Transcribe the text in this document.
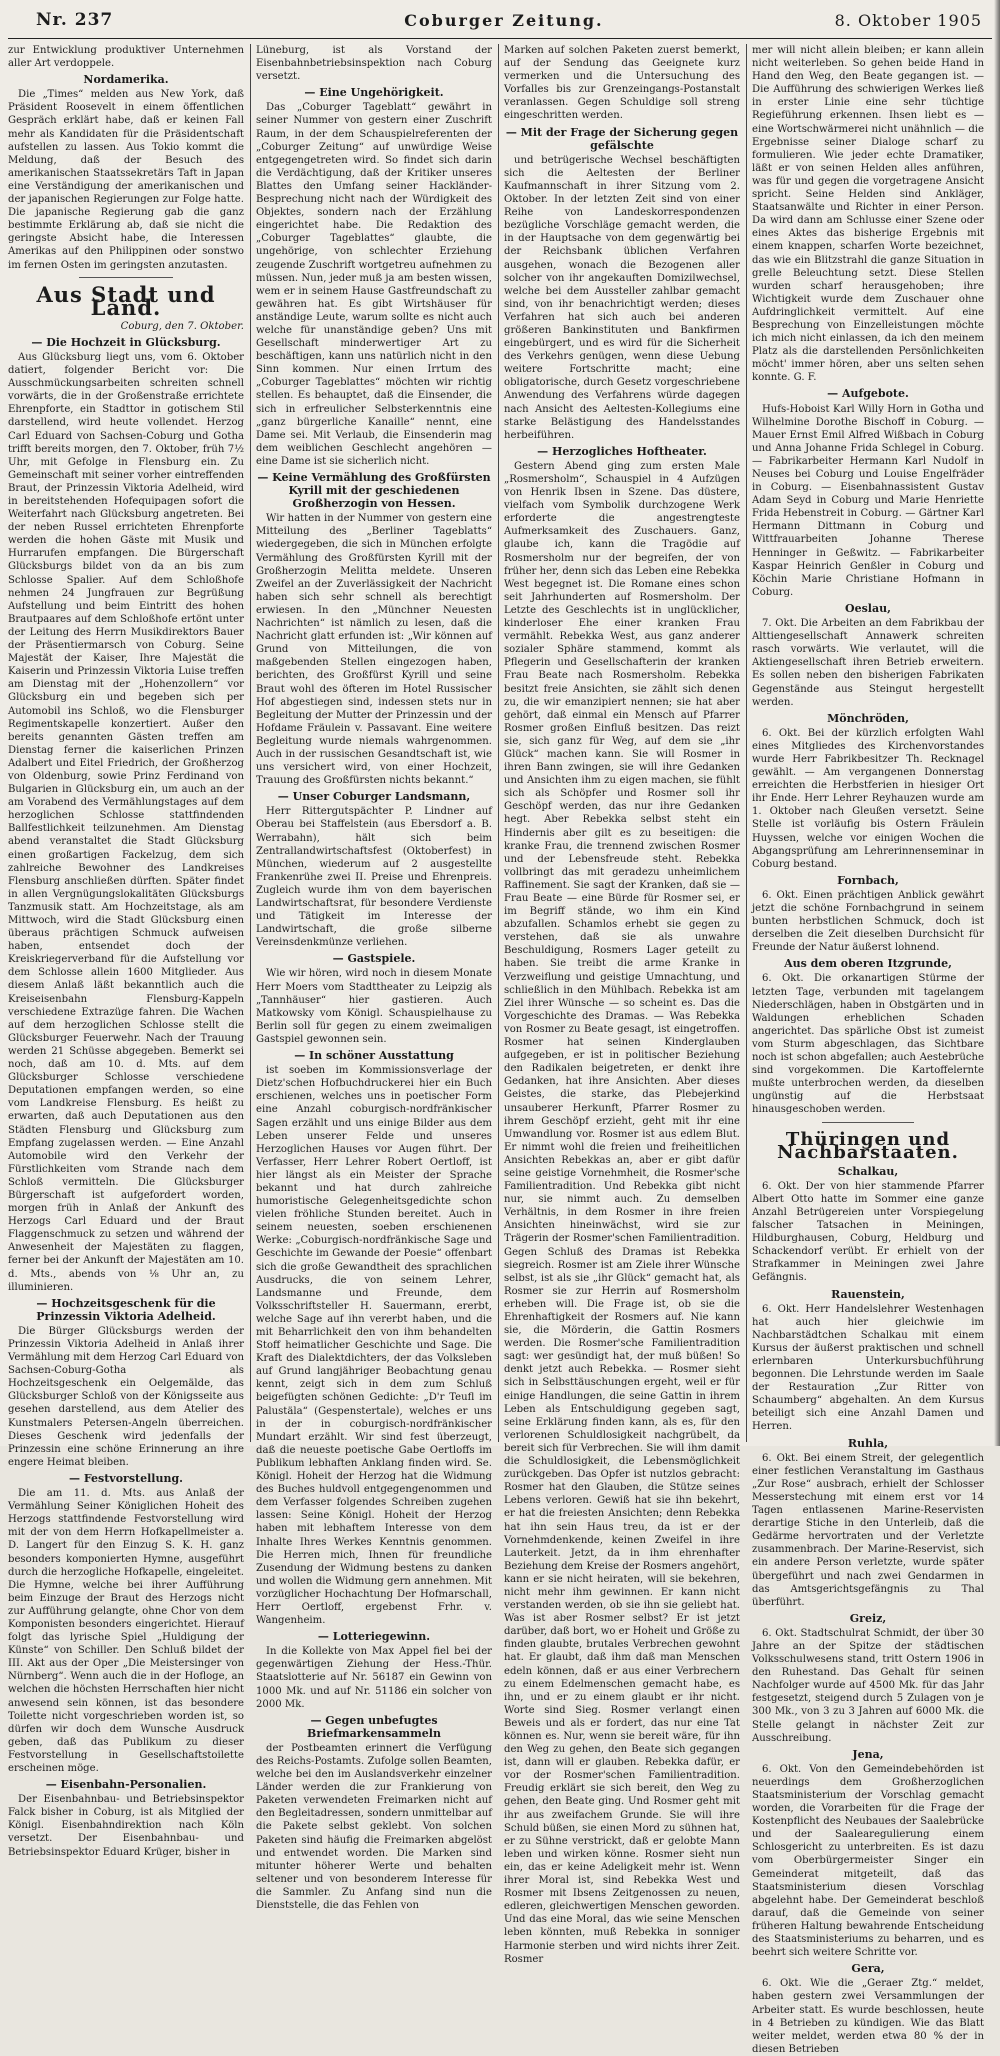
Nr. 237	Coburger Zeitung.	8. Oktober 1905

zur Entwicklung produktiver Unternehmen aller Art verdoppele.

Nordamerika.

Die „Times“ melden aus New York, daß Präsident Roosevelt in einem öffentlichen Gespräch erklärt habe, daß er keinen Fall mehr als Kandidaten für die Präsidentschaft aufstellen zu lassen. Aus Tokio kommt die Meldung, daß der Besuch des amerikanischen Staatssekretärs Taft in Japan eine Verständigung der amerikanischen und der japanischen Regierungen zur Folge hatte. Die japanische Regierung gab die ganz bestimmte Erklärung ab, daß sie nicht die geringste Absicht habe, die Interessen Amerikas auf den Philippinen oder sonstwo im fernen Osten im geringsten anzutasten.

Aus Stadt und Land.

Coburg, den 7. Oktober.

— Die Hochzeit in Glücksburg.

Aus Glücksburg liegt uns, vom 6. Oktober datiert, folgender Bericht vor: Die Ausschmückungsarbeiten schreiten schnell vorwärts, die in der Großenstraße errichtete Ehrenpforte, ein Stadttor in gotischem Stil darstellend, wird heute vollendet. Herzog Carl Eduard von Sachsen-Coburg und Gotha trifft bereits morgen, den 7. Oktober, früh 7½ Uhr, mit Gefolge in Flensburg ein. Zu Gemeinschaft mit seiner vorher eintreffenden Braut, der Prinzessin Viktoria Adelheid, wird in bereitstehenden Hofequipagen sofort die Weiterfahrt nach Glücksburg angetreten. Bei der neben Russel errichteten Ehrenpforte werden die hohen Gäste mit Musik und Hurrarufen empfangen. Die Bürgerschaft Glücksburgs bildet von da an bis zum Schlosse Spalier. Auf dem Schloßhofe nehmen 24 Jungfrauen zur Begrüßung Aufstellung und beim Eintritt des hohen Brautpaares auf dem Schloßhofe ertönt unter der Leitung des Herrn Musikdirektors Bauer der Präsentiermarsch von Coburg. Seine Majestät der Kaiser, Ihre Majestät die Kaiserin und Prinzessin Viktoria Luise treffen am Dienstag mit der „Hohenzollern“ vor Glücksburg ein und begeben sich per Automobil ins Schloß, wo die Flensburger Regimentskapelle konzertiert. Außer den bereits genannten Gästen treffen am Dienstag ferner die kaiserlichen Prinzen Adalbert und Eitel Friedrich, der Großherzog von Oldenburg, sowie Prinz Ferdinand von Bulgarien in Glücksburg ein, um auch an der am Vorabend des Vermählungstages auf dem herzoglichen Schlosse stattfindenden Ballfestlichkeit teilzunehmen. Am Dienstag abend veranstaltet die Stadt Glücksburg einen großartigen Fackelzug, dem sich zahlreiche Bewohner des Landkreises Flensburg anschließen dürften. Später findet in allen Vergnügungslokalitäten Glücksburgs Tanzmusik statt. Am Hochzeitstage, als am Mittwoch, wird die Stadt Glücksburg einen überaus prächtigen Schmuck aufweisen haben, entsendet doch der Kreiskriegerverband für die Aufstellung vor dem Schlosse allein 1600 Mitglieder. Aus diesem Anlaß läßt bekanntlich auch die Kreiseisenbahn Flensburg-Kappeln verschiedene Extrazüge fahren. Die Wachen auf dem herzoglichen Schlosse stellt die Glücksburger Feuerwehr. Nach der Trauung werden 21 Schüsse abgegeben. Bemerkt sei noch, daß am 10. d. Mts. auf dem Glücksburger Schlosse verschiedene Deputationen empfangen werden, so eine vom Landkreise Flensburg. Es heißt zu erwarten, daß auch Deputationen aus den Städten Flensburg und Glücksburg zum Empfang zugelassen werden. — Eine Anzahl Automobile wird den Verkehr der Fürstlichkeiten vom Strande nach dem Schloß vermitteln. Die Glücksburger Bürgerschaft ist aufgefordert worden, morgen früh in Anlaß der Ankunft des Herzogs Carl Eduard und der Braut Flaggenschmuck zu setzen und während der Anwesenheit der Majestäten zu flaggen, ferner bei der Ankunft der Majestäten am 10. d. Mts., abends von ⅛ Uhr an, zu illuminieren.

— Hochzeitsgeschenk für die Prinzessin Viktoria Adelheid.

Die Bürger Glücksburgs werden der Prinzessin Viktoria Adelheid in Anlaß ihrer Vermählung mit dem Herzog Carl Eduard von Sachsen-Coburg-Gotha als Hochzeitsgeschenk ein Oelgemälde, das Glücksburger Schloß von der Königsseite aus gesehen darstellend, aus dem Atelier des Kunstmalers Petersen-Angeln überreichen. Dieses Geschenk wird jedenfalls der Prinzessin eine schöne Erinnerung an ihre engere Heimat bleiben.

— Festvorstellung.

Die am 11. d. Mts. aus Anlaß der Vermählung Seiner Königlichen Hoheit des Herzogs stattfindende Festvorstellung wird mit der von dem Herrn Hofkapellmeister a. D. Langert für den Einzug S. K. H. ganz besonders komponierten Hymne, ausgeführt durch die herzogliche Hofkapelle, eingeleitet. Die Hymne, welche bei ihrer Aufführung beim Einzuge der Braut des Herzogs nicht zur Aufführung gelangte, ohne Chor von dem Komponisten besonders eingerichtet. Hierauf folgt das lyrische Spiel „Huldigung der Künste“ von Schiller. Den Schluß bildet der III. Akt aus der Oper „Die Meistersinger von Nürnberg“. Wenn auch die in der Hofloge, an welchen die höchsten Herrschaften hier nicht anwesend sein können, ist das besondere Toilette nicht vorgeschrieben worden ist, so dürfen wir doch dem Wunsche Ausdruck geben, daß das Publikum zu dieser Festvorstellung in Gesellschaftstoilette erscheinen möge.

— Eisenbahn-Personalien.

Der Eisenbahnbau- und Betriebsinspektor Falck bisher in Coburg, ist als Mitglied der Königl. Eisenbahndirektion nach Köln versetzt. Der Eisenbahnbau- und Betriebsinspektor Eduard Krüger, bisher in

Lüneburg, ist als Vorstand der Eisenbahnbetriebsinspektion nach Coburg versetzt.

— Eine Ungehörigkeit.

Das „Coburger Tageblatt“ gewährt in seiner Nummer von gestern einer Zuschrift Raum, in der dem Schauspielreferenten der „Coburger Zeitung“ auf unwürdige Weise entgegengetreten wird. So findet sich darin die Verdächtigung, daß der Kritiker unseres Blattes den Umfang seiner Hackländer-Besprechung nicht nach der Würdigkeit des Objektes, sondern nach der Erzählung eingerichtet habe. Die Redaktion des „Coburger Tageblattes“ glaubte, die ungehörige, von schlechter Erziehung zeugende Zuschrift wortgetreu aufnehmen zu müssen. Nun, jeder muß ja am besten wissen, wem er in seinem Hause Gastfreundschaft zu gewähren hat. Es gibt Wirtshäuser für anständige Leute, warum sollte es nicht auch welche für unanständige geben? Uns mit Gesellschaft minderwertiger Art zu beschäftigen, kann uns natürlich nicht in den Sinn kommen. Nur einen Irrtum des „Coburger Tageblattes“ möchten wir richtig stellen. Es behauptet, daß die Einsender, die sich in erfreulicher Selbsterkenntnis eine „ganz bürgerliche Kanaille“ nennt, eine Dame sei. Mit Verlaub, die Einsenderin mag dem weiblichen Geschlecht angehören — eine Dame ist sie sicherlich nicht.

— Keine Vermählung des Großfürsten Kyrill mit der geschiedenen Großherzogin von Hessen.

Wir hatten in der Nummer von gestern eine Mitteilung des „Berliner Tageblatts“ wiedergegeben, die sich in München erfolgte Vermählung des Großfürsten Kyrill mit der Großherzogin Melitta meldete. Unseren Zweifel an der Zuverlässigkeit der Nachricht haben sich sehr schnell als berechtigt erwiesen. In den „Münchner Neuesten Nachrichten“ ist nämlich zu lesen, daß die Nachricht glatt erfunden ist: „Wir können auf Grund von Mitteilungen, die von maßgebenden Stellen eingezogen haben, berichten, des Großfürst Kyrill und seine Braut wohl des öfteren im Hotel Russischer Hof abgestiegen sind, indessen stets nur in Begleitung der Mutter der Prinzessin und der Hofdame Fräulein v. Passavant. Eine weitere Begleitung wurde niemals wahrgenommen. Auch in der russischen Gesandtschaft ist, wie uns versichert wird, von einer Hochzeit, Trauung des Großfürsten nichts bekannt.“

— Unser Coburger Landsmann,

Herr Rittergutspächter P. Lindner auf Oberau bei Staffelstein (aus Ebersdorf a. B. Werrabahn), hält sich beim Zentrallandwirtschaftsfest (Oktoberfest) in München, wiederum auf 2 ausgestellte Frankenrühe zwei II. Preise und Ehrenpreis. Zugleich wurde ihm von dem bayerischen Landwirtschaftsrat, für besondere Verdienste und Tätigkeit im Interesse der Landwirtschaft, die große silberne Vereinsdenkmünze verliehen.

— Gastspiele.

Wie wir hören, wird noch in diesem Monate Herr Moers vom Stadttheater zu Leipzig als „Tannhäuser“ hier gastieren. Auch Matkowsky vom Königl. Schauspielhause zu Berlin soll für gegen zu einem zweimaligen Gastspiel gewonnen sein.

— In schöner Ausstattung

ist soeben im Kommissionsverlage der Dietz'schen Hofbuchdruckerei hier ein Buch erschienen, welches uns in poetischer Form eine Anzahl coburgisch-nordfränkischer Sagen erzählt und uns einige Bilder aus dem Leben unserer Felde und unseres Herzoglichen Hauses vor Augen führt. Der Verfasser, Herr Lehrer Robert Oertloff, ist hier längst als ein Meister der Sprache bekannt und hat durch zahlreiche humoristische Gelegenheitsgedichte schon vielen fröhliche Stunden bereitet. Auch in seinem neuesten, soeben erschienenen Werke: „Coburgisch-nordfränkische Sage und Geschichte im Gewande der Poesie“ offenbart sich die große Gewandtheit des sprachlichen Ausdrucks, die von seinem Lehrer, Landsmanne und Freunde, dem Volksschriftsteller H. Sauermann, ererbt, welche Sage auf ihn vererbt haben, und die mit Beharrlichkeit den von ihm behandelten Stoff heimatlicher Geschichte und Sage. Die Kraft des Dialektdichters, der das Volksleben auf Grund langjähriger Beobachtung genau kennt, zeigt sich in dem zum Schluß beigefügten schönen Gedichte: „D'r Teufl im Palustäla“ (Gespenstertale), welches er uns in der in coburgisch-nordfränkischer Mundart erzählt. Wir sind fest überzeugt, daß die neueste poetische Gabe Oertloffs im Publikum lebhaften Anklang finden wird. Se. Königl. Hoheit der Herzog hat die Widmung des Buches huldvoll entgegengenommen und dem Verfasser folgendes Schreiben zugehen lassen: Seine Königl. Hoheit der Herzog haben mit lebhaftem Interesse von dem Inhalte Ihres Werkes Kenntnis genommen. Die Herren mich, Ihnen für freundliche Zusendung der Widmung bestens zu danken und wollen die Widmung gern annehmen. Mit vorzüglicher Hochachtung Der Hofmarschall, Herr Oertloff, ergebenst Frhr. v. Wangenheim.

— Lotteriegewinn.

In die Kollekte von Max Appel fiel bei der gegenwärtigen Ziehung der Hess.-Thür. Staatslotterie auf Nr. 56187 ein Gewinn von 1000 Mk. und auf Nr. 51186 ein solcher von 2000 Mk.

— Gegen unbefugtes Briefmarkensammeln

der Postbeamten erinnert die Verfügung des Reichs-Postamts. Zufolge sollen Beamten, welche bei den im Auslandsverkehr einzelner Länder werden die zur Frankierung von Paketen verwendeten Freimarken nicht auf den Begleitadressen, sondern unmittelbar auf die Pakete selbst geklebt. Von solchen Paketen sind häufig die Freimarken abgelöst und entwendet worden. Die Marken sind mitunter höherer Werte und behalten seltener und von besonderem Interesse für die Sammler. Zu Anfang sind nun die Dienststelle, die das Fehlen von

Marken auf solchen Paketen zuerst bemerkt, auf der Sendung das Geeignete kurz vermerken und die Untersuchung des Vorfalles bis zur Grenzeingangs-Postanstalt veranlassen. Gegen Schuldige soll streng eingeschritten werden.

— Mit der Frage der Sicherung gegen gefälschte

und betrügerische Wechsel beschäftigten sich die Aeltesten der Berliner Kaufmannschaft in ihrer Sitzung vom 2. Oktober. In der letzten Zeit sind von einer Reihe von Landeskorrespondenzen bezügliche Vorschläge gemacht werden, die in der Hauptsache von dem gegenwärtig bei der Reichsbank üblichen Verfahren ausgehen, wonach die Bezogenen aller solcher von ihr angekauften Domizilwechsel, welche bei dem Aussteller zahlbar gemacht sind, von ihr benachrichtigt werden; dieses Verfahren hat sich auch bei anderen größeren Bankinstituten und Bankfirmen eingebürgert, und es wird für die Sicherheit des Verkehrs genügen, wenn diese Uebung weitere Fortschritte macht; eine obligatorische, durch Gesetz vorgeschriebene Anwendung des Verfahrens würde dagegen nach Ansicht des Aeltesten-Kollegiums eine starke Belästigung des Handelsstandes herbeiführen.

— Herzogliches Hoftheater.

Gestern Abend ging zum ersten Male „Rosmersholm“, Schauspiel in 4 Aufzügen von Henrik Ibsen in Szene. Das düstere, vielfach vom Symbolik durchzogene Werk erforderte die angestrengteste Aufmerksamkeit des Zuschauers. Ganz, glaube ich, kann die Tragödie auf Rosmersholm nur der begreifen, der von früher her, denn sich das Leben eine Rebekka West begegnet ist. Die Romane eines schon seit Jahrhunderten auf Rosmersholm. Der Letzte des Geschlechts ist in unglücklicher, kinderloser Ehe einer kranken Frau vermählt. Rebekka West, aus ganz anderer sozialer Sphäre stammend, kommt als Pflegerin und Gesellschafterin der kranken Frau Beate nach Rosmersholm. Rebekka besitzt freie Ansichten, sie zählt sich denen zu, die wir emanzipiert nennen; sie hat aber gehört, daß einmal ein Mensch auf Pfarrer Rosmer großen Einfluß besitzen. Das reizt sie, sich ganz für Weg, auf dem sie „ihr Glück“ machen kann. Sie will Rosmer in ihren Bann zwingen, sie will ihre Gedanken und Ansichten ihm zu eigen machen, sie fühlt sich als Schöpfer und Rosmer soll ihr Geschöpf werden, das nur ihre Gedanken hegt. Aber Rebekka selbst steht ein Hindernis aber gilt es zu beseitigen: die kranke Frau, die trennend zwischen Rosmer und der Lebensfreude steht. Rebekka vollbringt das mit geradezu unheimlichem Raffinement. Sie sagt der Kranken, daß sie — Frau Beate — eine Bürde für Rosmer sei, er im Begriff stände, wo ihm ein Kind abzufallen. Schamlos erhebt sie gegen zu verstehen, daß sie als unwahre Beschuldigung, Rosmers Lager geteilt zu haben. Sie treibt die arme Kranke in Verzweiflung und geistige Umnachtung, und schließlich in den Mühlbach. Rebekka ist am Ziel ihrer Wünsche — so scheint es. Das die Vorgeschichte des Dramas. — Was Rebekka von Rosmer zu Beate gesagt, ist eingetroffen. Rosmer hat seinen Kinderglauben aufgegeben, er ist in politischer Beziehung den Radikalen beigetreten, er denkt ihre Gedanken, hat ihre Ansichten. Aber dieses Geistes, die starke, das Plebejerkind unsauberer Herkunft, Pfarrer Rosmer zu ihrem Geschöpf erzieht, geht mit ihr eine Umwandlung vor. Rosmer ist aus edlem Blut. Er nimmt wohl die freien und freiheitlichen Ansichten Rebekkas an, aber er gibt dafür seine geistige Vornehmheit, die Rosmer'sche Familientradition. Und Rebekka gibt nicht nur, sie nimmt auch. Zu demselben Verhältnis, in dem Rosmer in ihre freien Ansichten hineinwächst, wird sie zur Trägerin der Rosmer'schen Familientradition. Gegen Schluß des Dramas ist Rebekka siegreich. Rosmer ist am Ziele ihrer Wünsche selbst, ist als sie „ihr Glück“ gemacht hat, als Rosmer sie zur Herrin auf Rosmersholm erheben will. Die Frage ist, ob sie die Ehrenhaftigkeit der Rosmers auf. Nie kann sie, die Mörderin, die Gattin Rosmers werden. Die Rosmer'sche Familientradition sagt: wer gesündigt hat, der muß büßen! So denkt jetzt auch Rebekka. — Rosmer sieht sich in Selbsttäuschungen ergeht, weil er für einige Handlungen, die seine Gattin in ihrem Leben als Entschuldigung gegeben sagt, seine Erklärung finden kann, als es, für den verlorenen Schuldlosigkeit nachgrübelt, da bereit sich für Verbrechen. Sie will ihm damit die Schuldlosigkeit, die Lebensmöglichkeit zurückgeben. Das Opfer ist nutzlos gebracht: Rosmer hat den Glauben, die Stütze seines Lebens verloren. Gewiß hat sie ihn bekehrt, er hat die freiesten Ansichten; denn Rebekka hat ihn sein Haus treu, da ist er der Vornehmdenkende, keinen Zweifel in ihre Lauterkeit. Jetzt, da in ihm ehrenhafter Beziehung dem Kreise der Rosmers angehört, kann er sie nicht heiraten, will sie bekehren, nicht mehr ihm gewinnen. Er kann nicht verstanden werden, ob sie ihn sie geliebt hat. Was ist aber Rosmer selbst? Er ist jetzt darüber, daß bort, wo er Hoheit und Größe zu finden glaubte, brutales Verbrechen gewohnt hat. Er glaubt, daß ihm daß man Menschen edeln können, daß er aus einer Verbrechern zu einem Edelmenschen gemacht habe, es ihn, und er zu einem glaubt er ihr nicht. Worte sind Sieg. Rosmer verlangt einen Beweis und als er fordert, das nur eine Tat können es. Nur, wenn sie bereit wäre, für ihn den Weg zu gehen, den Beate sich gegangen ist, dann will er glauben. Rebekka dafür, er vor der Rosmer'schen Familientradition. Freudig erklärt sie sich bereit, den Weg zu gehen, den Beate ging. Und Rosmer geht mit ihr aus zweifachem Grunde. Sie will ihre Schuld büßen, sie einen Mord zu sühnen hat, er zu Sühne verstrickt, daß er gelobte Mann leben und wirken könne. Rosmer sieht nun ein, das er keine Adeligkeit mehr ist. Wenn ihrer Moral ist, sind Rebekka West und Rosmer mit Ibsens Zeitgenossen zu neuen, edleren, gleichwertigen Menschen geworden. Und das eine Moral, das wie seine Menschen leben könnten, muß Rebekka in sonniger Harmonie sterben und wird nichts ihrer Zeit. Rosmer

mer will nicht allein bleiben; er kann allein nicht weiterleben. So gehen beide Hand in Hand den Weg, den Beate gegangen ist. — Die Aufführung des schwierigen Werkes ließ in erster Linie eine sehr tüchtige Regieführung erkennen. Ihsen liebt es — eine Wortschwärmerei nicht unähnlich — die Ergebnisse seiner Dialoge scharf zu formulieren. Wie jeder echte Dramatiker, läßt er von seinen Helden alles anführen, was für und gegen die vorgetragene Ansicht spricht. Seine Helden sind Ankläger, Staatsanwälte und Richter in einer Person. Da wird dann am Schlusse einer Szene oder eines Aktes das bisherige Ergebnis mit einem knappen, scharfen Worte bezeichnet, das wie ein Blitzstrahl die ganze Situation in grelle Beleuchtung setzt. Diese Stellen wurden scharf herausgehoben; ihre Wichtigkeit wurde dem Zuschauer ohne Aufdringlichkeit vermittelt. Auf eine Besprechung von Einzelleistungen möchte ich mich nicht einlassen, da ich den meinem Platz als die darstellenden Persönlichkeiten möcht' immer hören, aber uns selten sehen konnte. G. F.

— Aufgebote.

Hufs-Hoboist Karl Willy Horn in Gotha und Wilhelmine Dorothe Bischoff in Coburg. — Mauer Ernst Emil Alfred Wißbach in Coburg und Anna Johanne Frida Schlegel in Coburg. — Fabrikarbeiter Hermann Karl Nudolf in Neuses bei Coburg und Louise Engelfräder in Coburg. — Eisenbahnassistent Gustav Adam Seyd in Coburg und Marie Henriette Frida Hebenstreit in Coburg. — Gärtner Karl Hermann Dittmann in Coburg und Wittfrauarbeiten Johanne Therese Henninger in Geßwitz. — Fabrikarbeiter Kaspar Heinrich Genßler in Coburg und Köchin Marie Christiane Hofmann in Coburg.

Oeslau,

7. Okt. Die Arbeiten an dem Fabrikbau der Alttiengesellschaft Annawerk schreiten rasch vorwärts. Wie verlautet, will die Aktiengesellschaft ihren Betrieb erweitern. Es sollen neben den bisherigen Fabrikaten Gegenstände aus Steingut hergestellt werden.

Mönchröden,

6. Okt. Bei der kürzlich erfolgten Wahl eines Mitgliedes des Kirchenvorstandes wurde Herr Fabrikbesitzer Th. Recknagel gewählt. — Am vergangenen Donnerstag erreichten die Herbstferien in hiesiger Ort ihr Ende. Herr Lehrer Reyhauzen wurde am 1. Oktober nach Gleußen versetzt. Seine Stelle ist vorläufig bis Ostern Fräulein Huyssen, welche vor einigen Wochen die Abgangsprüfung am Lehrerinnenseminar in Coburg bestand.

Fornbach,

6. Okt. Einen prächtigen Anblick gewährt jetzt die schöne Fornbachgrund in seinem bunten herbstlichen Schmuck, doch ist derselben die Zeit dieselben Durchsicht für Freunde der Natur äußerst lohnend.

Aus dem oberen Itzgrunde,

6. Okt. Die orkanartigen Stürme der letzten Tage, verbunden mit tagelangem Niederschlägen, haben in Obstgärten und in Waldungen erheblichen Schaden angerichtet. Das spärliche Obst ist zumeist vom Sturm abgeschlagen, das Sichtbare noch ist schon abgefallen; auch Aestebrüche sind vorgekommen. Die Kartoffelernte mußte unterbrochen werden, da dieselben ungünstig auf die Herbstsaat hinausgeschoben werden.

Thüringen und Nachbarstaaten.
Schalkau,

6. Okt. Der von hier stammende Pfarrer Albert Otto hatte im Sommer eine ganze Anzahl Betrügereien unter Vorspiegelung falscher Tatsachen in Meiningen, Hildburghausen, Coburg, Heldburg und Schackendorf verübt. Er erhielt von der Strafkammer in Meiningen zwei Jahre Gefängnis.

Rauenstein,

6. Okt. Herr Handelslehrer Westenhagen hat auch hier gleichwie im Nachbarstädtchen Schalkau mit einem Kursus der äußerst praktischen und schnell erlernbaren Unterkursbuchführung begonnen. Die Lehrstunde werden im Saale der Restauration „Zur Ritter von Schaumberg“ abgehalten. An dem Kursus beteiligt sich eine Anzahl Damen und Herren.

Ruhla,

6. Okt. Bei einem Streit, der gelegentlich einer festlichen Veranstaltung im Gasthaus „Zur Rose“ ausbrach, erhielt der Schlosser Messerstechung mit einem erst vor 14 Tagen entlassenen Marine-Reservisten derartige Stiche in den Unterleib, daß die Gedärme hervortraten und der Verletzte zusammenbrach. Der Marine-Reservist, sich ein andere Person verletzte, wurde später übergeführt und nach zwei Gendarmen in das Amtsgerichtsgefängnis zu Thal überführt.

Greiz,

6. Okt. Stadtschulrat Schmidt, der über 30 Jahre an der Spitze der städtischen Volksschulwesens stand, tritt Ostern 1906 in den Ruhestand. Das Gehalt für seinen Nachfolger wurde auf 4500 Mk. für das Jahr festgesetzt, steigend durch 5 Zulagen von je 300 Mk., von 3 zu 3 Jahren auf 6000 Mk. die Stelle gelangt in nächster Zeit zur Ausschreibung.

Jena,

6. Okt. Von den Gemeindebehörden ist neuerdings dem Großherzoglichen Staatsministerium der Vorschlag gemacht worden, die Vorarbeiten für die Frage der Kostenpflicht des Neubaues der Saalebrücke und der Saalearegulierung einem Schlosgericht zu unterbreiten. Es ist dazu vom Oberbürgermeister Singer ein Gemeinderat mitgeteilt, daß das Staatsministerium diesen Vorschlag abgelehnt habe. Der Gemeinderat beschloß darauf, daß die Gemeinde von seiner früheren Haltung bewahrende Entscheidung des Staatsministeriums zu beharren, und es beehrt sich weitere Schritte vor.

Gera,

6. Okt. Wie die „Geraer Ztg.“ meldet, haben gestern zwei Versammlungen der Arbeiter statt. Es wurde beschlossen, heute in 4 Betrieben zu kündigen. Wie das Blatt weiter meldet, werden etwa 80 % der in diesen Betrieben
